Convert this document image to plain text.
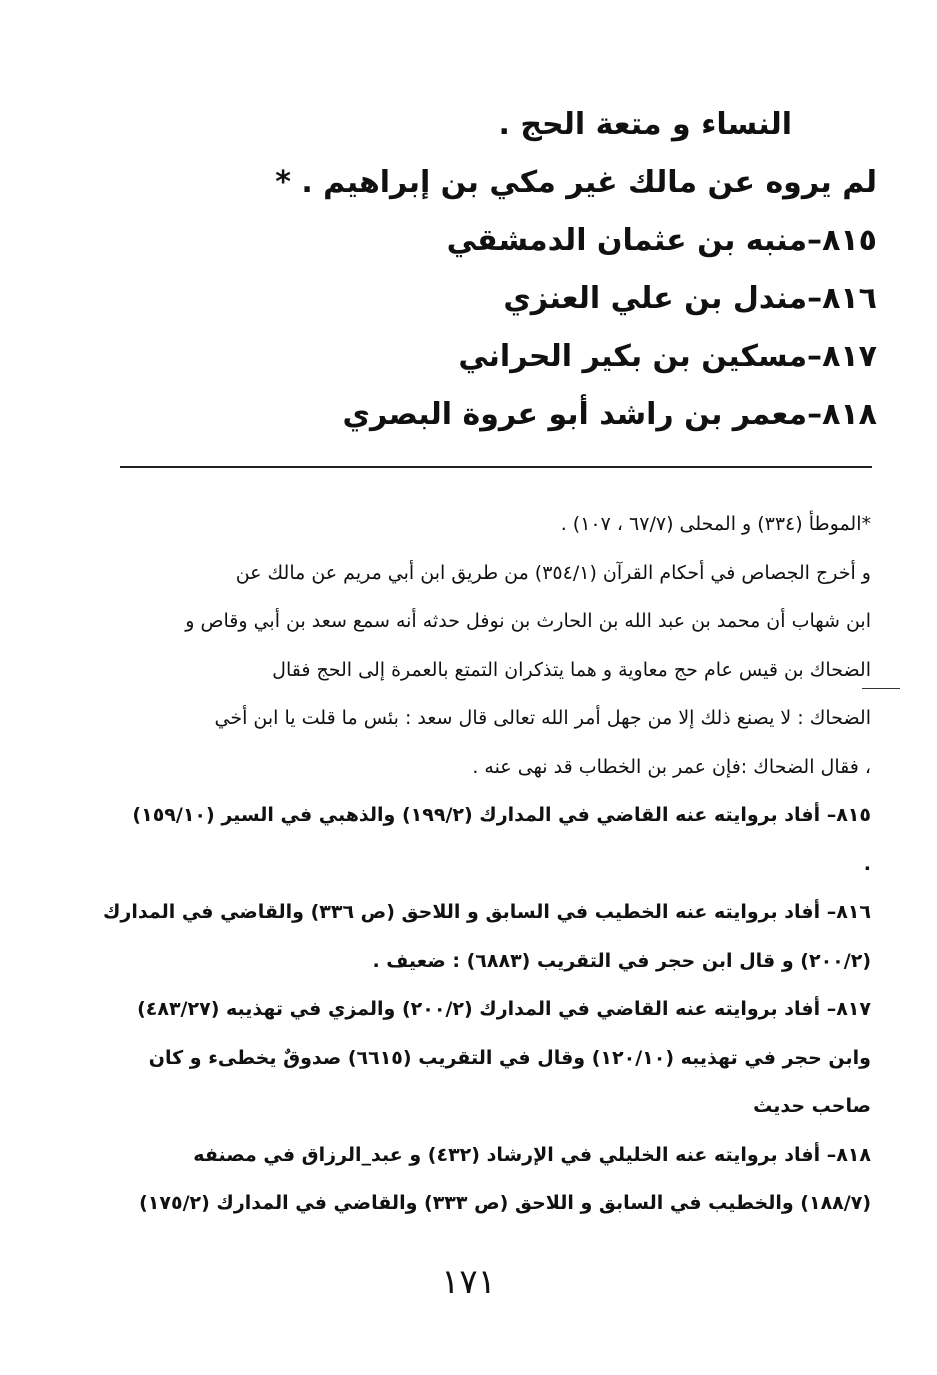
النساء و متعة الحج .
لم يروه عن مالك غير مكي بن إبراهيم . *
٨١٥–منبه بن عثمان الدمشقي
٨١٦–مندل بن علي العنزي
٨١٧–مسكين بن بكير الحراني
٨١٨–معمر بن راشد أبو عروة البصري
*الموطأ (٣٣٤) و المحلى (٦٧/٧ ، ١٠٧) .
و أخرج الجصاص في أحكام القرآن (٣٥٤/١) من طريق ابن أبي مريم عن مالك عن
ابن شهاب أن محمد بن عبد الله بن الحارث بن نوفل حدثه أنه سمع سعد بن أبي وقاص و
الضحاك بن قيس عام حج معاوية و هما يتذكران التمتع بالعمرة إلى الحج فقال
الضحاك : لا يصنع ذلك إلا من جهل أمر الله تعالى قال سعد : بئس ما قلت يا ابن أخي
، فقال الضحاك :فإن عمر بن الخطاب قد نهى عنه .
٨١٥– أفاد بروايته عنه القاضي في المدارك (١٩٩/٢) والذهبي في السير (١٥٩/١٠)
.
٨١٦– أفاد بروايته عنه الخطيب في السابق و اللاحق (ص ٣٣٦) والقاضي في المدارك
(٢٠٠/٢) و قال ابن حجر في التقريب (٦٨٨٣) : ضعيف .
٨١٧– أفاد بروايته عنه القاضي في المدارك (٢٠٠/٢) والمزي في تهذيبه (٤٨٣/٢٧)
وابن حجر في تهذيبه (١٢٠/١٠) وقال في التقريب (٦٦١٥) صدوقٌ يخطىء و كان
صاحب حديث
٨١٨– أفاد بروايته عنه الخليلي في الإرشاد (٤٣٢) و عبد_الرزاق في مصنفه
(١٨٨/٧) والخطيب في السابق و اللاحق (ص ٣٣٣) والقاضي في المدارك (١٧٥/٢)
١٧١
